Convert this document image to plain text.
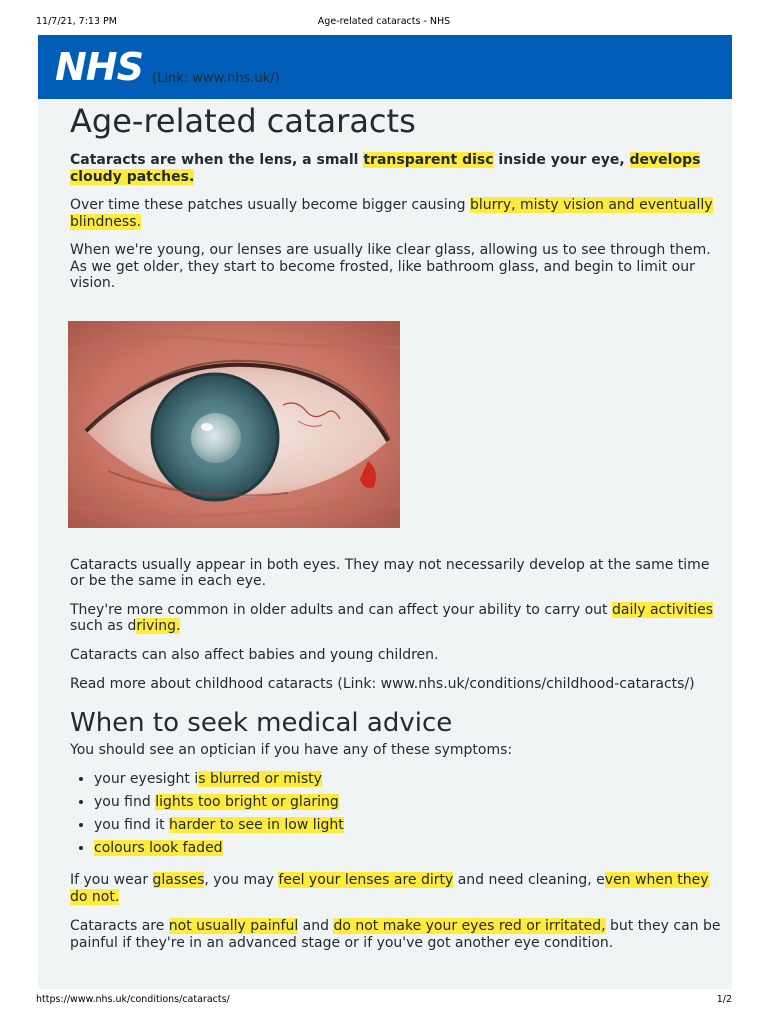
11/7/21, 7:13 PM	Age-related cataracts - NHS
NHS (Link: www.nhs.uk/)
Age-related cataracts

Cataracts are when the lens, a small transparent disc inside your eye, develops cloudy patches.

Over time these patches usually become bigger causing blurry, misty vision and eventually blindness.

When we're young, our lenses are usually like clear glass, allowing us to see through them. As we get older, they start to become frosted, like bathroom glass, and begin to limit our vision.

Cataracts usually appear in both eyes. They may not necessarily develop at the same time or be the same in each eye.

They're more common in older adults and can affect your ability to carry out daily activities such as driving.

Cataracts can also affect babies and young children.

Read more about childhood cataracts (Link: www.nhs.uk/conditions/childhood-cataracts/)

When to seek medical advice

You should see an optician if you have any of these symptoms:

• your eyesight is blurred or misty
• you find lights too bright or glaring
• you find it harder to see in low light
• colours look faded

If you wear glasses, you may feel your lenses are dirty and need cleaning, even when they do not.

Cataracts are not usually painful and do not make your eyes red or irritated, but they can be painful if they're in an advanced stage or if you've got another eye condition.

https://www.nhs.uk/conditions/cataracts/	1/2
